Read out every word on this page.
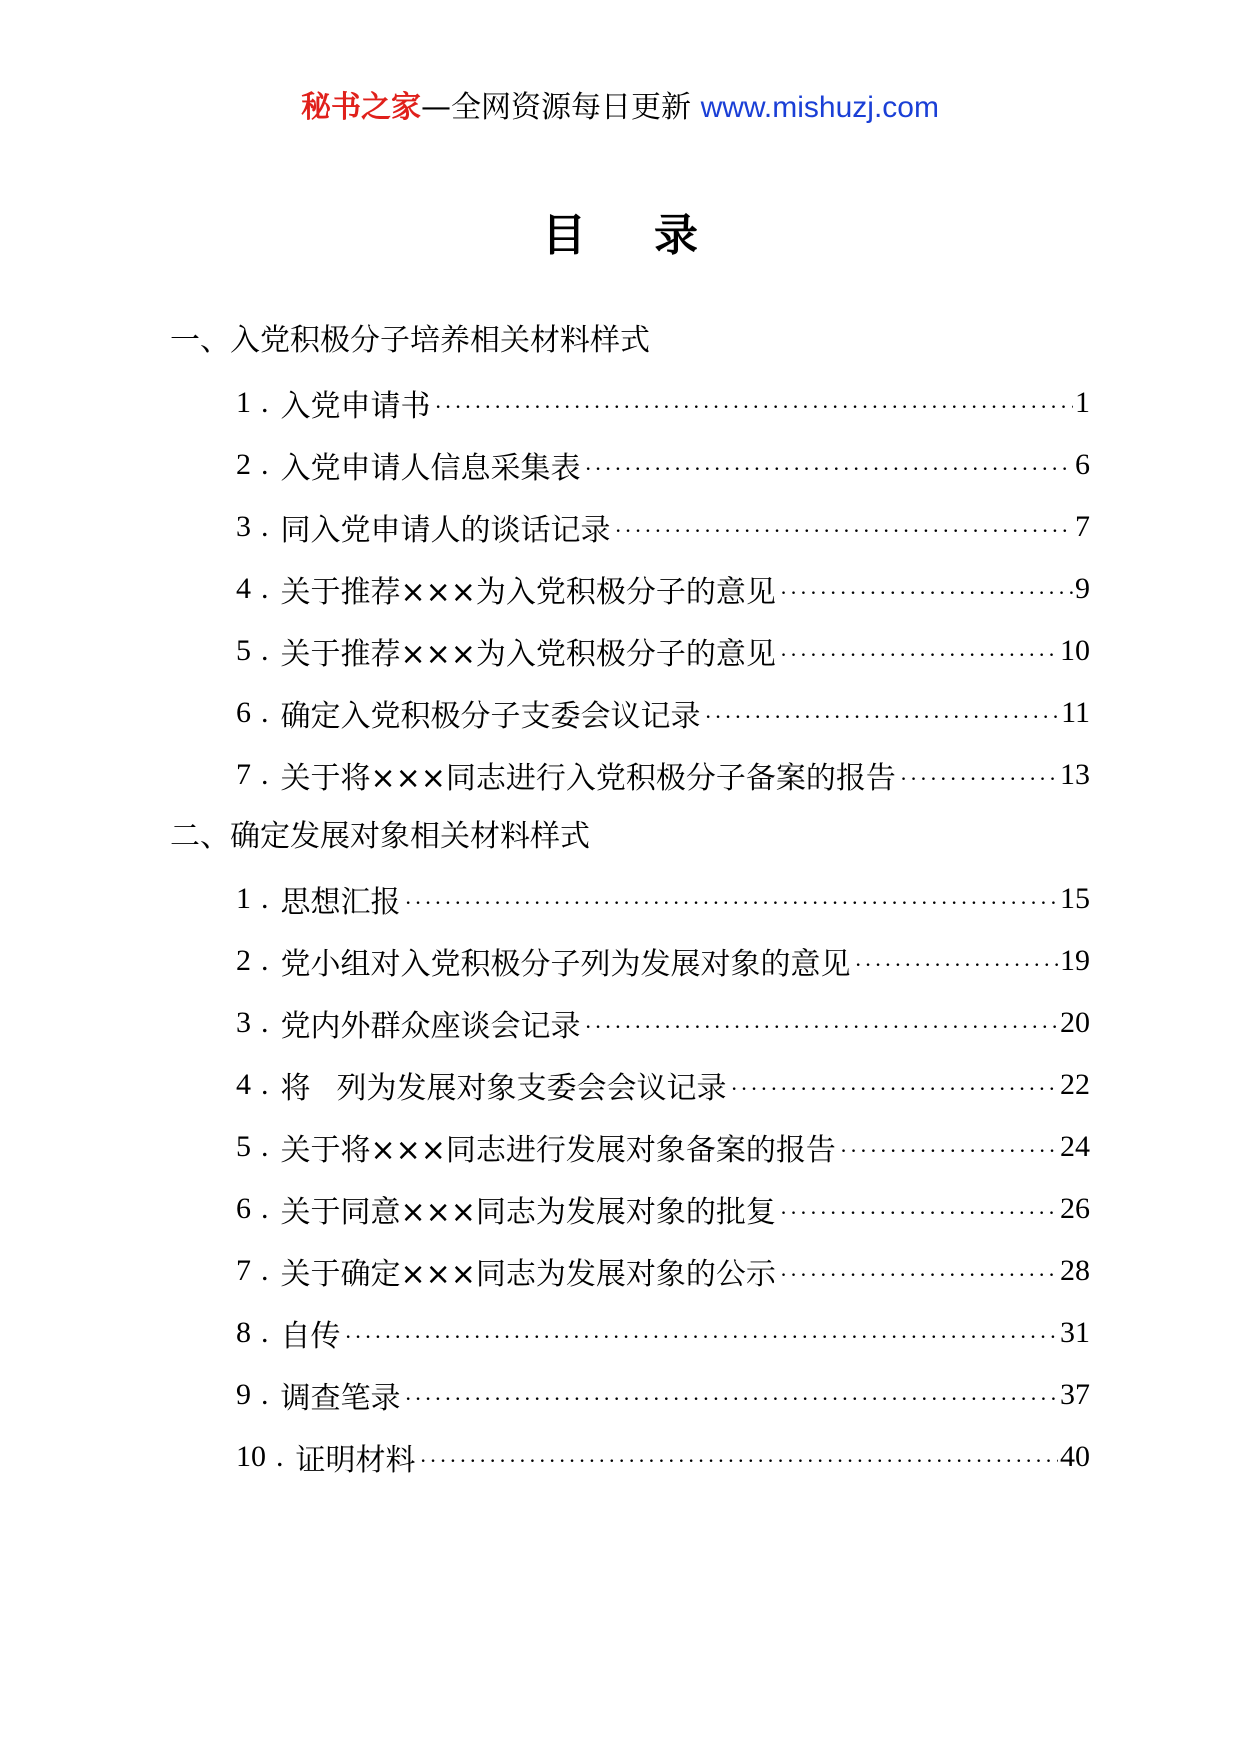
秘书之家—全网资源每日更新 www.mishuzj.com
目 录
一、入党积极分子培养相关材料样式
1 . 入党申请书 ·····	1
2 . 入党申请人信息采集表 ·····	6
3 . 同入党申请人的谈话记录 ·····	7
4 . 关于推荐×××为入党积极分子的意见 ·····	9
5 . 关于推荐×××为入党积极分子的意见 ·····	10
6 . 确定入党积极分子支委会议记录 ·····	11
7 . 关于将×××同志进行入党积极分子备案的报告 ·····	13
二、确定发展对象相关材料样式
1 . 思想汇报 ·····	15
2 . 党小组对入党积极分子列为发展对象的意见 ·····	19
3 . 党内外群众座谈会记录 ·····	20
4 . 将 列为发展对象支委会会议记录 ·····	22
5 . 关于将×××同志进行发展对象备案的报告 ·····	24
6 . 关于同意×××同志为发展对象的批复 ·····	26
7 . 关于确定×××同志为发展对象的公示 ·····	28
8 . 自传 ·····	31
9 . 调查笔录 ·····	37
10 . 证明材料 ·····	40
